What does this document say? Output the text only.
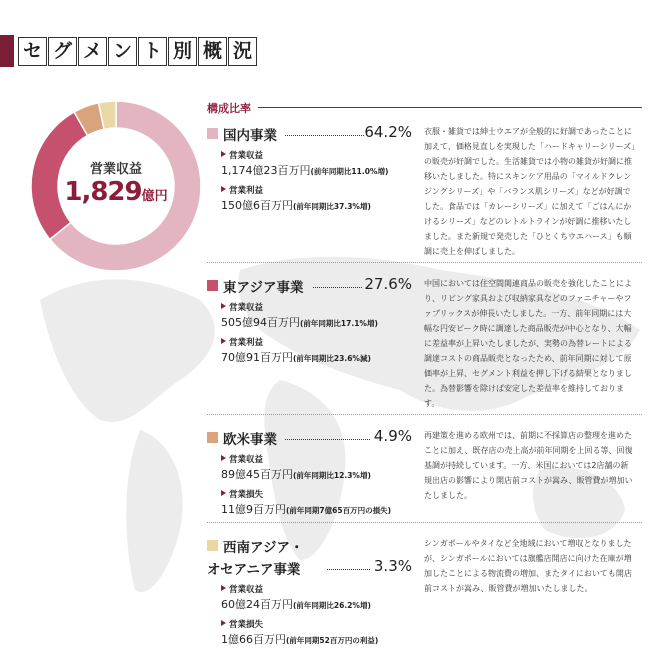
セ グ メ ン ト 別 概 況
営業収益
1,829億円
構成比率
国内事業	64.2%
営業収益
1,174億23百万円(前年同期比11.0%増)
営業利益
150億6百万円(前年同期比37.3%増)
衣服・雑貨では紳士ウエアが全般的に好調であったことに加えて、価格見直しを実現した「ハードキャリーシリーズ」の販売が好調でした。生活雑貨では小物の雑貨が好調に推移いたしました。特にスキンケア用品の「マイルドクレンジングシリーズ」や「バランス肌シリーズ」などが好調でした。食品では「カレーシリーズ」に加えて「ごはんにかけるシリーズ」などのレトルトラインが好調に推移いたしました。また新規で発売した「ひとくちウエハース」も順調に売上を伸ばしました。
東アジア事業	27.6%
営業収益
505億94百万円(前年同期比17.1%増)
営業利益
70億91百万円(前年同期比23.6%減)
中国においては住空間関連商品の販売を強化したことにより、リビング家具および収納家具などのファニチャーやファブリックスが伸長いたしました。一方、前年同期には大幅な円安ピーク時に調達した商品販売が中心となり、大幅に差益率が上昇いたしましたが、実勢の為替レートによる調達コストの商品販売となったため、前年同期に対して原価率が上昇、セグメント利益を押し下げる結果となりました。為替影響を除けば安定した差益率を維持しております。
欧米事業	4.9%
営業収益
89億45百万円(前年同期比12.3%増)
営業損失
11億9百万円(前年同期7億65百万円の損失)
再建策を進める欧州では、前期に不採算店の整理を進めたことに加え、既存店の売上高が前年同期を上回る等、回復基調が持続しています。一方、米国においては2店舗の新規出店の影響により開店前コストが嵩み、販管費が増加いたしました。
西南アジア・
オセアニア事業	3.3%
営業収益
60億24百万円(前年同期比26.2%増)
営業損失
1億66百万円(前年同期52百万円の利益)
シンガポールやタイなど全地域において増収となりましたが、シンガポールにおいては旗艦店開店に向けた在庫が増加したことによる物流費の増加、またタイにおいても開店前コストが嵩み、販管費が増加いたしました。
